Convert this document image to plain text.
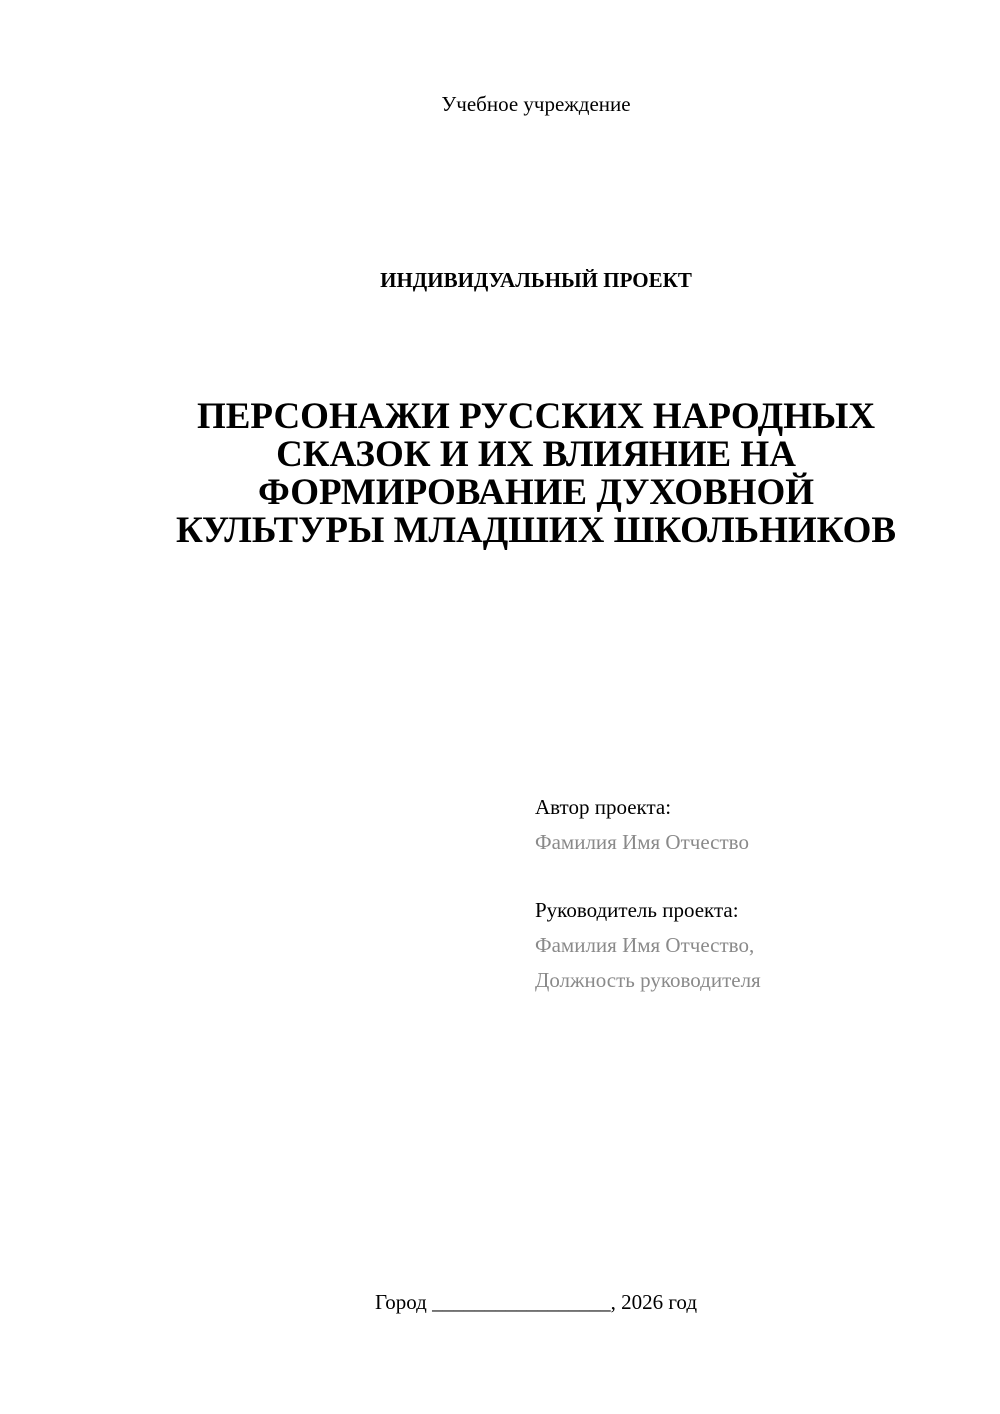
Учебное учреждение
ИНДИВИДУАЛЬНЫЙ ПРОЕКТ
ПЕРСОНАЖИ РУССКИХ НАРОДНЫХ
СКАЗОК И ИХ ВЛИЯНИЕ НА
ФОРМИРОВАНИЕ ДУХОВНОЙ
КУЛЬТУРЫ МЛАДШИХ ШКОЛЬНИКОВ
Автор проекта:
Фамилия Имя Отчество
Руководитель проекта:
Фамилия Имя Отчество,
Должность руководителя
Город _________________, 2026 год
